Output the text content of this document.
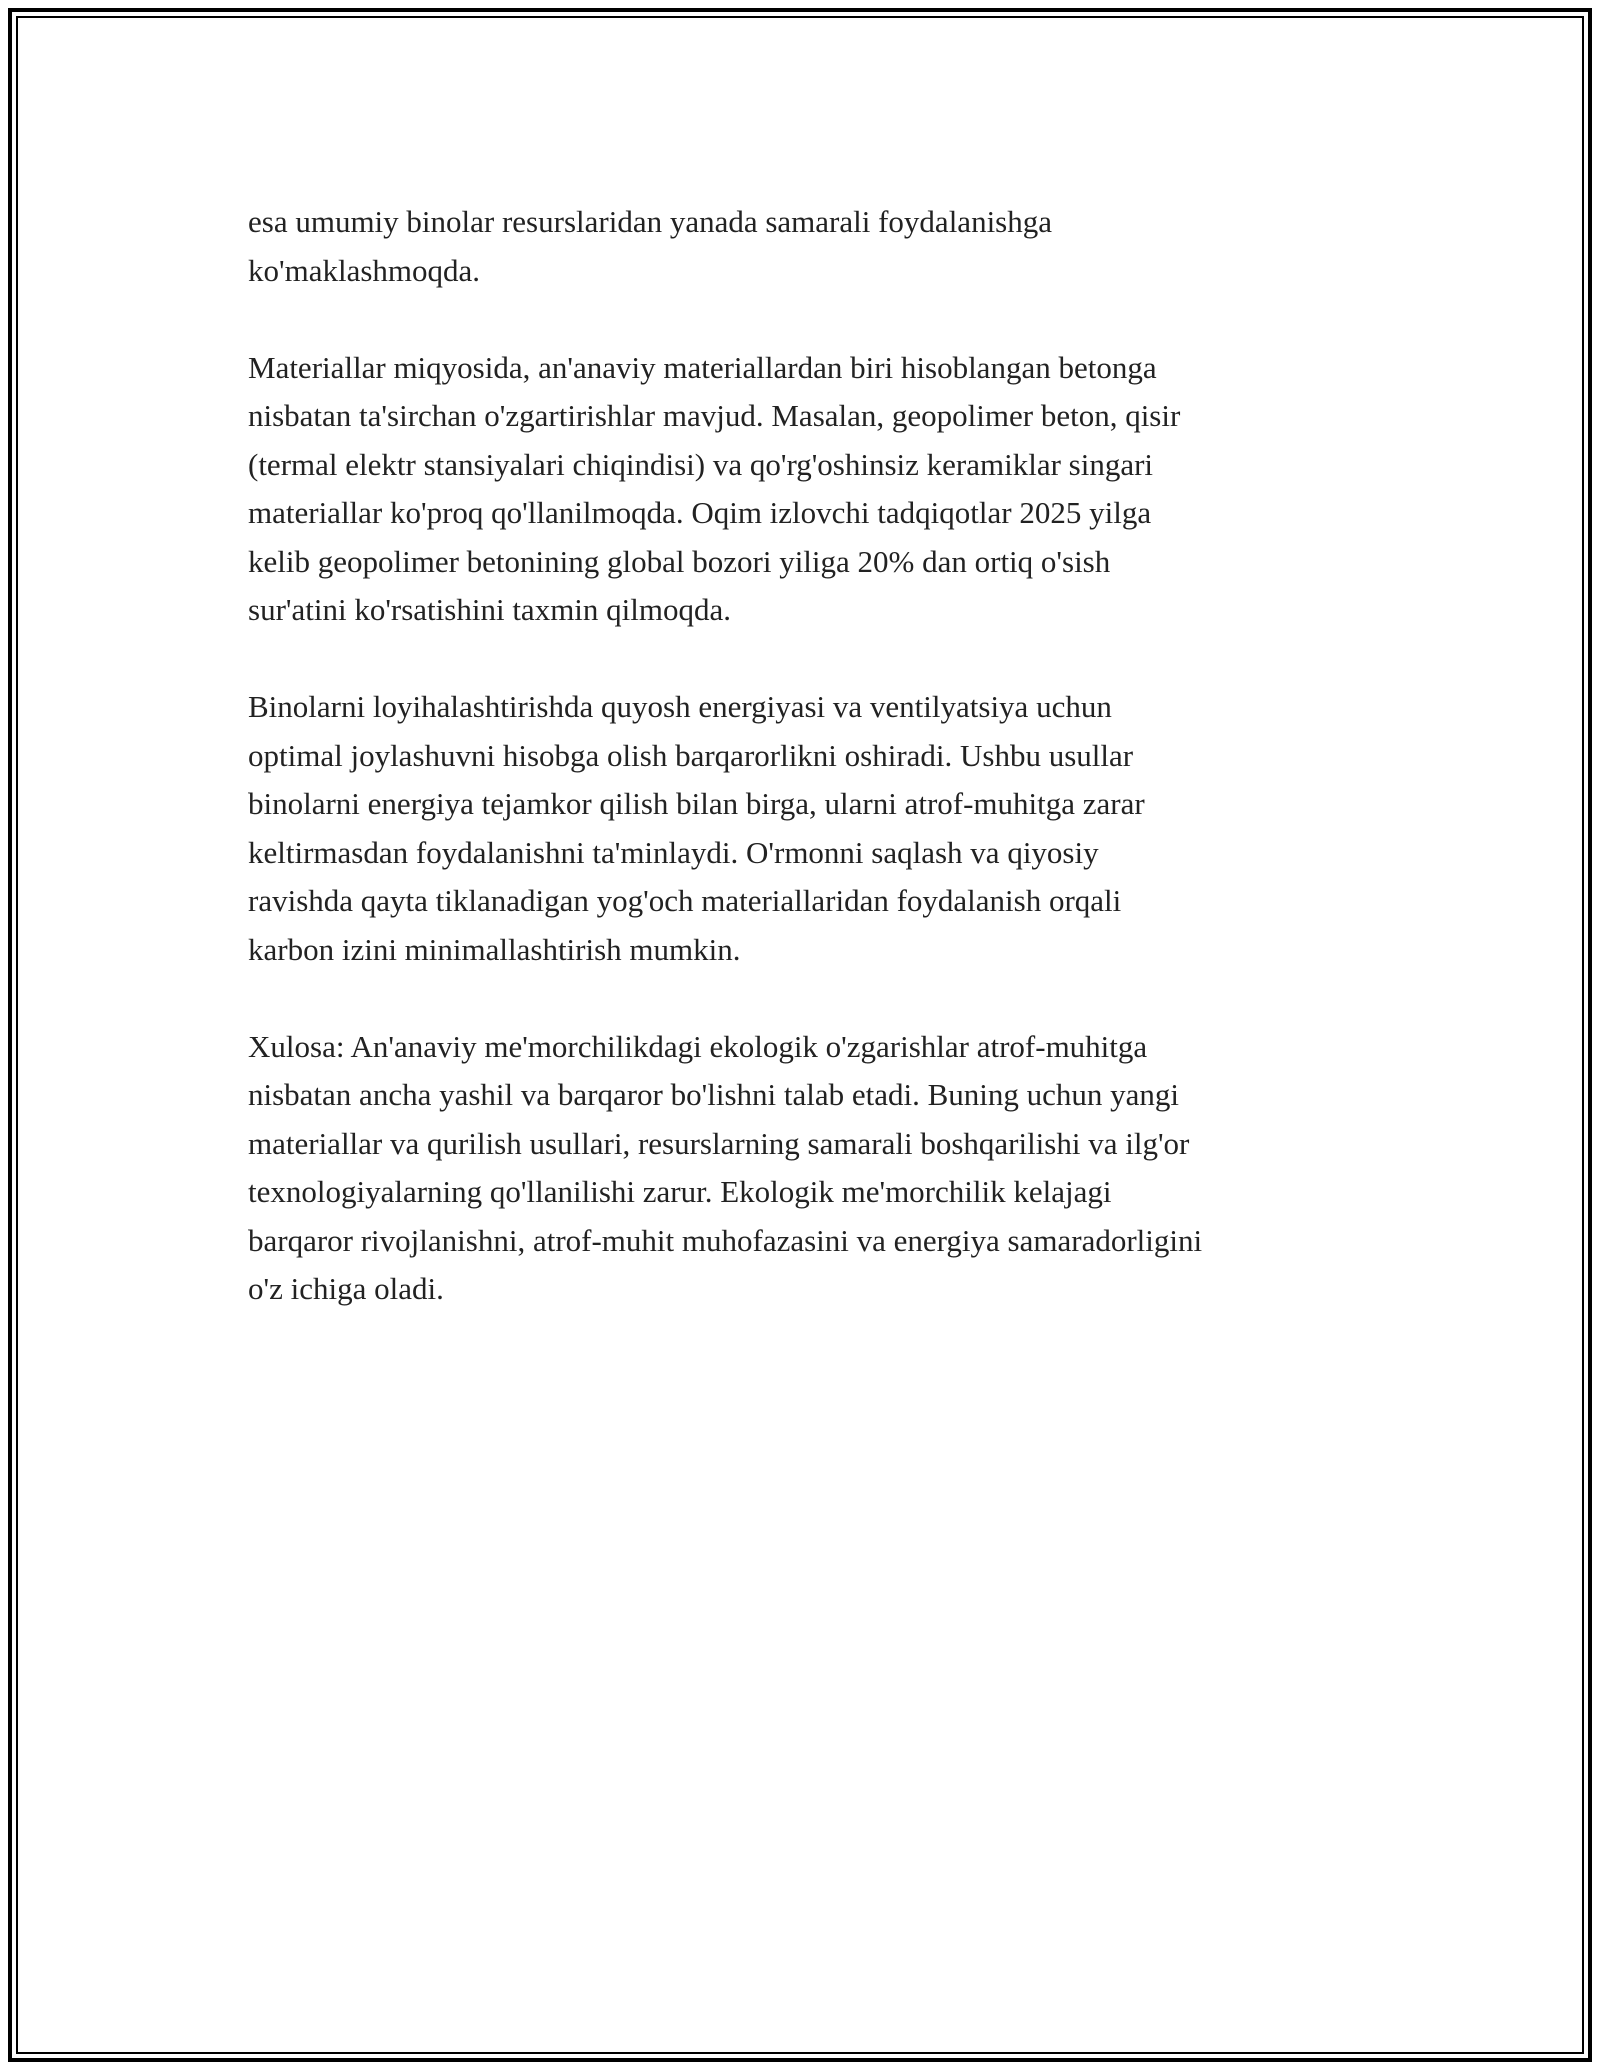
esa umumiy binolar resurslaridan yanada samarali foydalanishga
ko'maklashmoqda.

Materiallar miqyosida, an'anaviy materiallardan biri hisoblangan betonga
nisbatan ta'sirchan o'zgartirishlar mavjud. Masalan, geopolimer beton, qisir
(termal elektr stansiyalari chiqindisi) va qo'rg'oshinsiz keramiklar singari
materiallar ko'proq qo'llanilmoqda. Oqim izlovchi tadqiqotlar 2025 yilga
kelib geopolimer betonining global bozori yiliga 20% dan ortiq o'sish
sur'atini ko'rsatishini taxmin qilmoqda.

Binolarni loyihalashtirishda quyosh energiyasi va ventilyatsiya uchun
optimal joylashuvni hisobga olish barqarorlikni oshiradi. Ushbu usullar
binolarni energiya tejamkor qilish bilan birga, ularni atrof-muhitga zarar
keltirmasdan foydalanishni ta'minlaydi. O'rmonni saqlash va qiyosiy
ravishda qayta tiklanadigan yog'och materiallaridan foydalanish orqali
karbon izini minimallashtirish mumkin.

Xulosa: An'anaviy me'morchilikdagi ekologik o'zgarishlar atrof-muhitga
nisbatan ancha yashil va barqaror bo'lishni talab etadi. Buning uchun yangi
materiallar va qurilish usullari, resurslarning samarali boshqarilishi va ilg'or
texnologiyalarning qo'llanilishi zarur. Ekologik me'morchilik kelajagi
barqaror rivojlanishni, atrof-muhit muhofazasini va energiya samaradorligini
o'z ichiga oladi.
